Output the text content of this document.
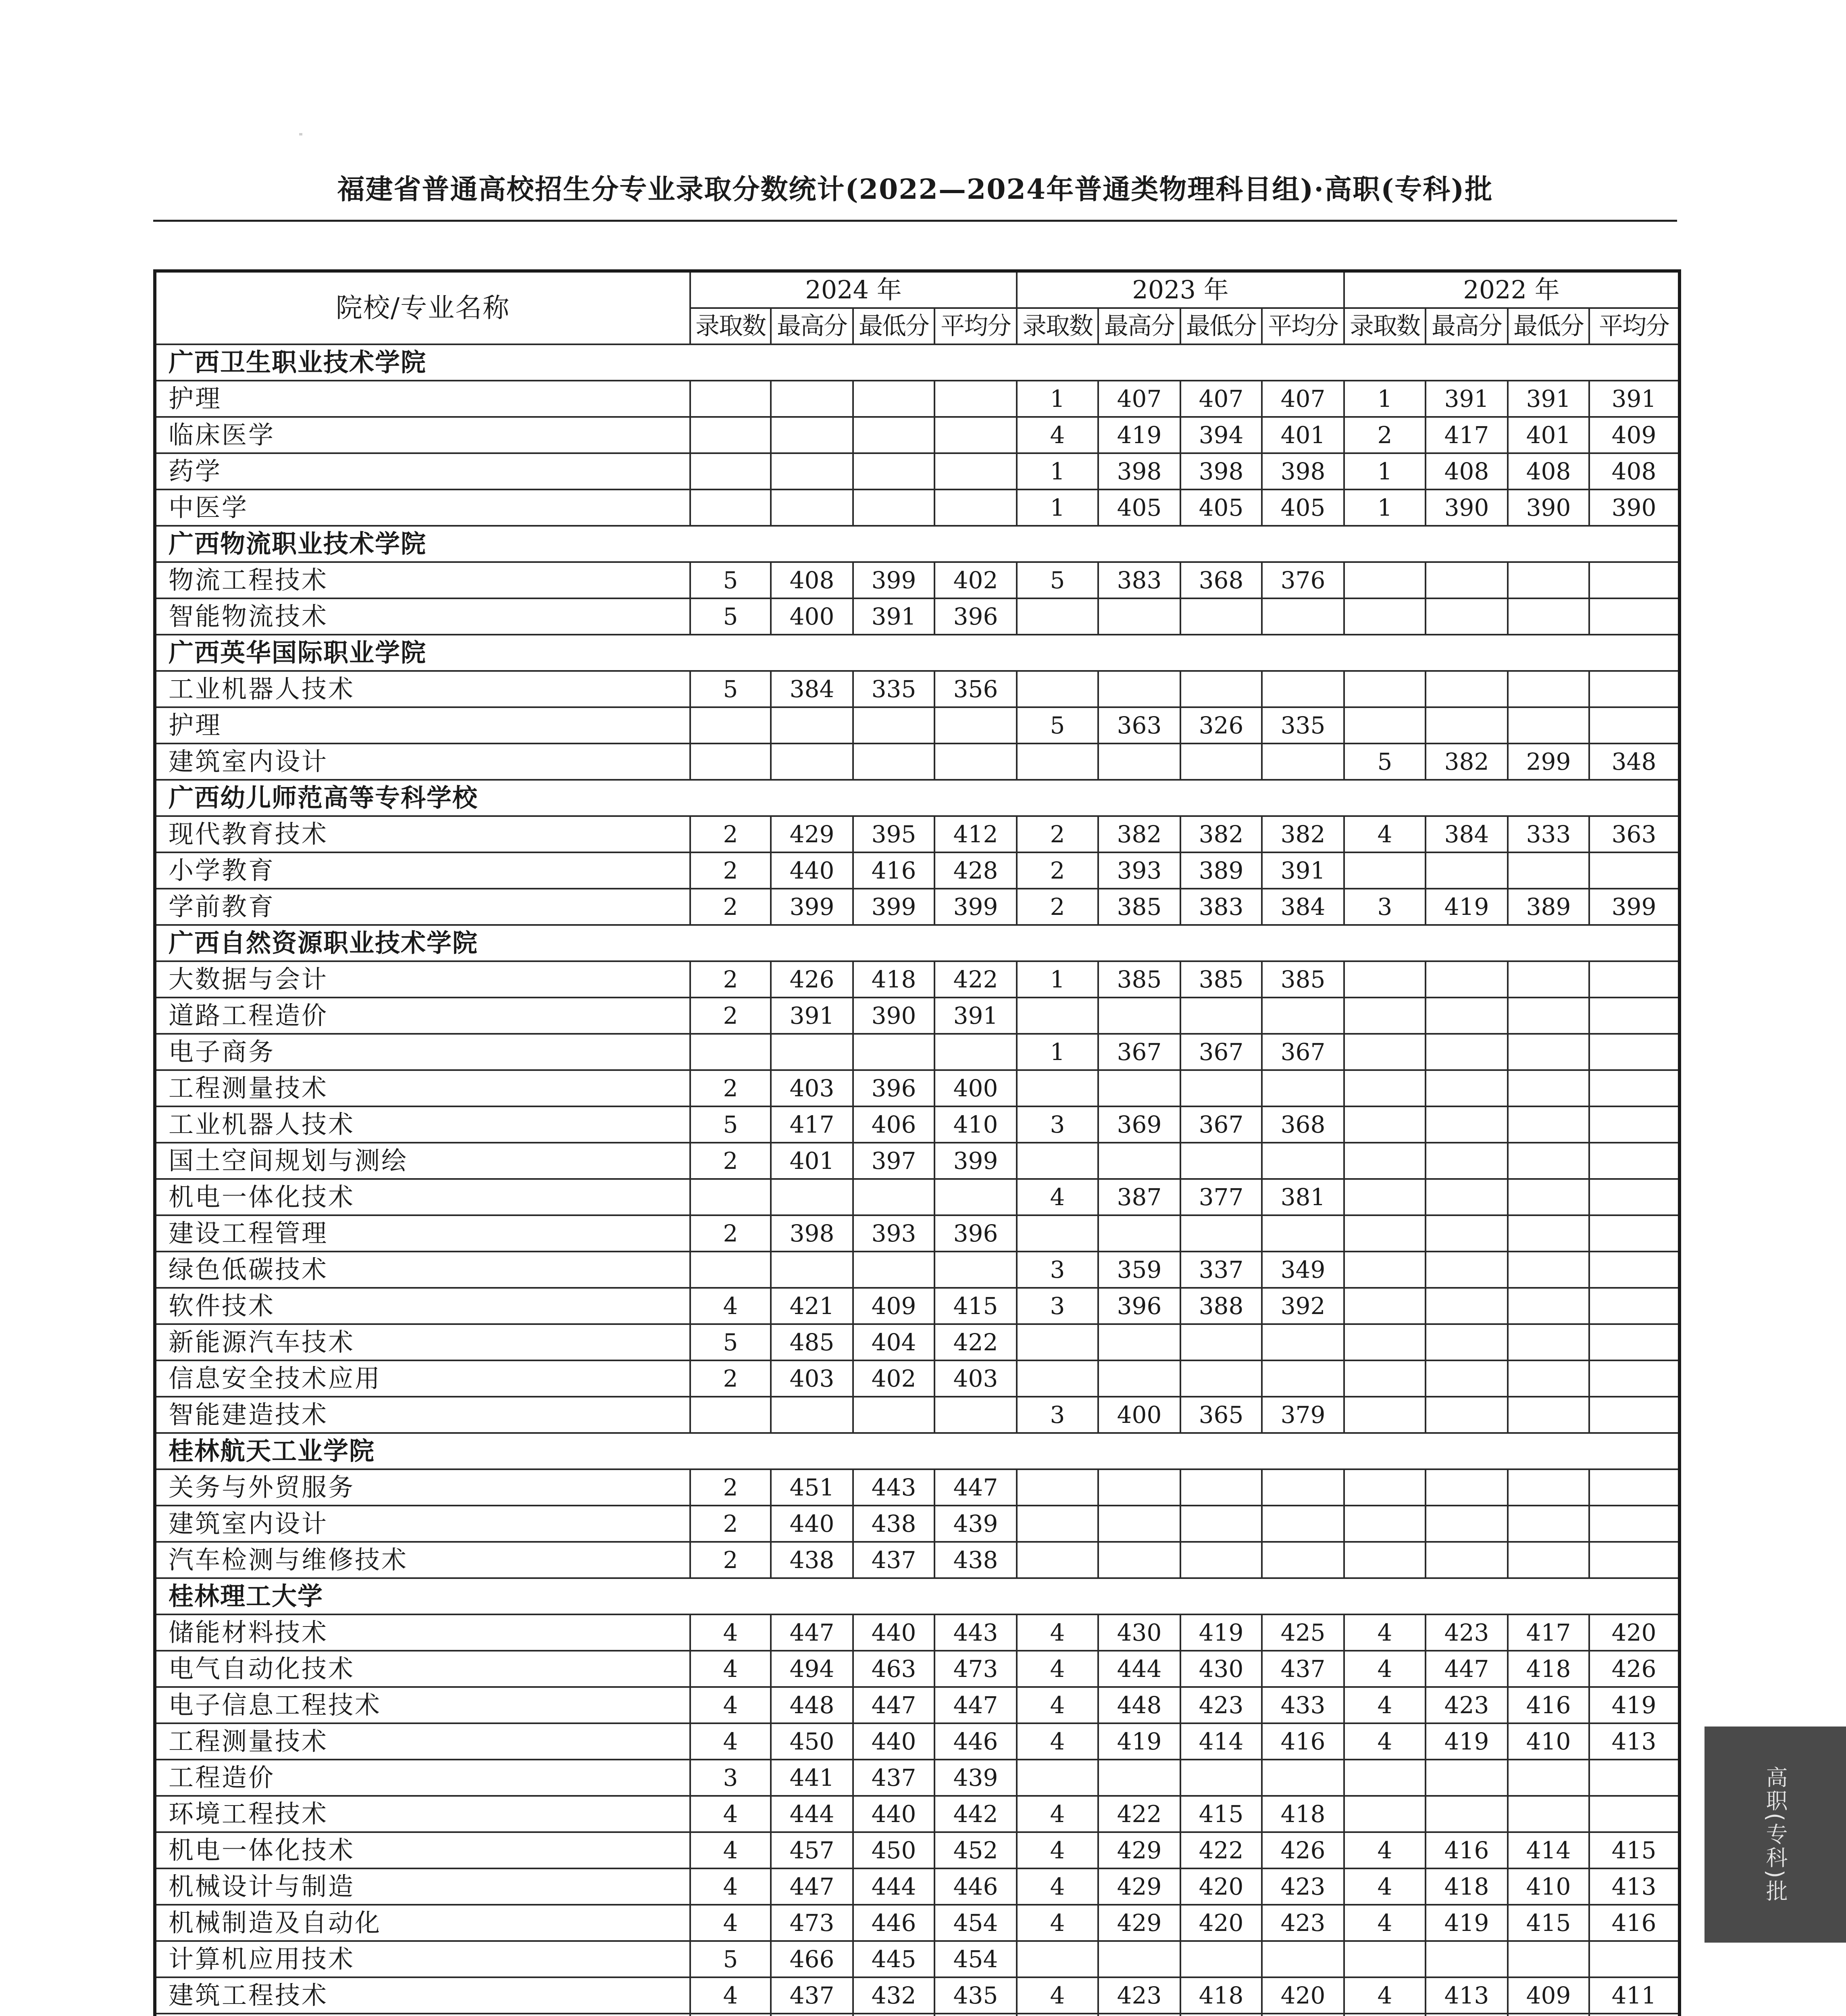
福建省普通高校招生分专业录取分数统计(2022—2024年普通类物理科目组)·高职(专科)批
院校/专业名称	2024 年				2023 年				2022 年			
	录取数	最高分	最低分	平均分	录取数	最高分	最低分	平均分	录取数	最高分	最低分	平均分
广西卫生职业技术学院												
护理					1	407	407	407	1	391	391	391
临床医学					4	419	394	401	2	417	401	409
药学					1	398	398	398	1	408	408	408
中医学					1	405	405	405	1	390	390	390
广西物流职业技术学院												
物流工程技术	5	408	399	402	5	383	368	376				
智能物流技术	5	400	391	396								
广西英华国际职业学院												
工业机器人技术	5	384	335	356								
护理					5	363	326	335				
建筑室内设计									5	382	299	348
广西幼儿师范高等专科学校												
现代教育技术	2	429	395	412	2	382	382	382	4	384	333	363
小学教育	2	440	416	428	2	393	389	391				
学前教育	2	399	399	399	2	385	383	384	3	419	389	399
广西自然资源职业技术学院												
大数据与会计	2	426	418	422	1	385	385	385				
道路工程造价	2	391	390	391								
电子商务					1	367	367	367				
工程测量技术	2	403	396	400								
工业机器人技术	5	417	406	410	3	369	367	368				
国土空间规划与测绘	2	401	397	399								
机电一体化技术					4	387	377	381				
建设工程管理	2	398	393	396								
绿色低碳技术					3	359	337	349				
软件技术	4	421	409	415	3	396	388	392				
新能源汽车技术	5	485	404	422								
信息安全技术应用	2	403	402	403								
智能建造技术					3	400	365	379				
桂林航天工业学院												
关务与外贸服务	2	451	443	447								
建筑室内设计	2	440	438	439								
汽车检测与维修技术	2	438	437	438								
桂林理工大学												
储能材料技术	4	447	440	443	4	430	419	425	4	423	417	420
电气自动化技术	4	494	463	473	4	444	430	437	4	447	418	426
电子信息工程技术	4	448	447	447	4	448	423	433	4	423	416	419
工程测量技术	4	450	440	446	4	419	414	416	4	419	410	413
工程造价	3	441	437	439								
环境工程技术	4	444	440	442	4	422	415	418				
机电一体化技术	4	457	450	452	4	429	422	426	4	416	414	415
机械设计与制造	4	447	444	446	4	429	420	423	4	418	410	413
机械制造及自动化	4	473	446	454	4	429	420	423	4	419	415	416
计算机应用技术	5	466	445	454								
建筑工程技术	4	437	432	435	4	423	418	420	4	413	409	411

高职(专科)批
